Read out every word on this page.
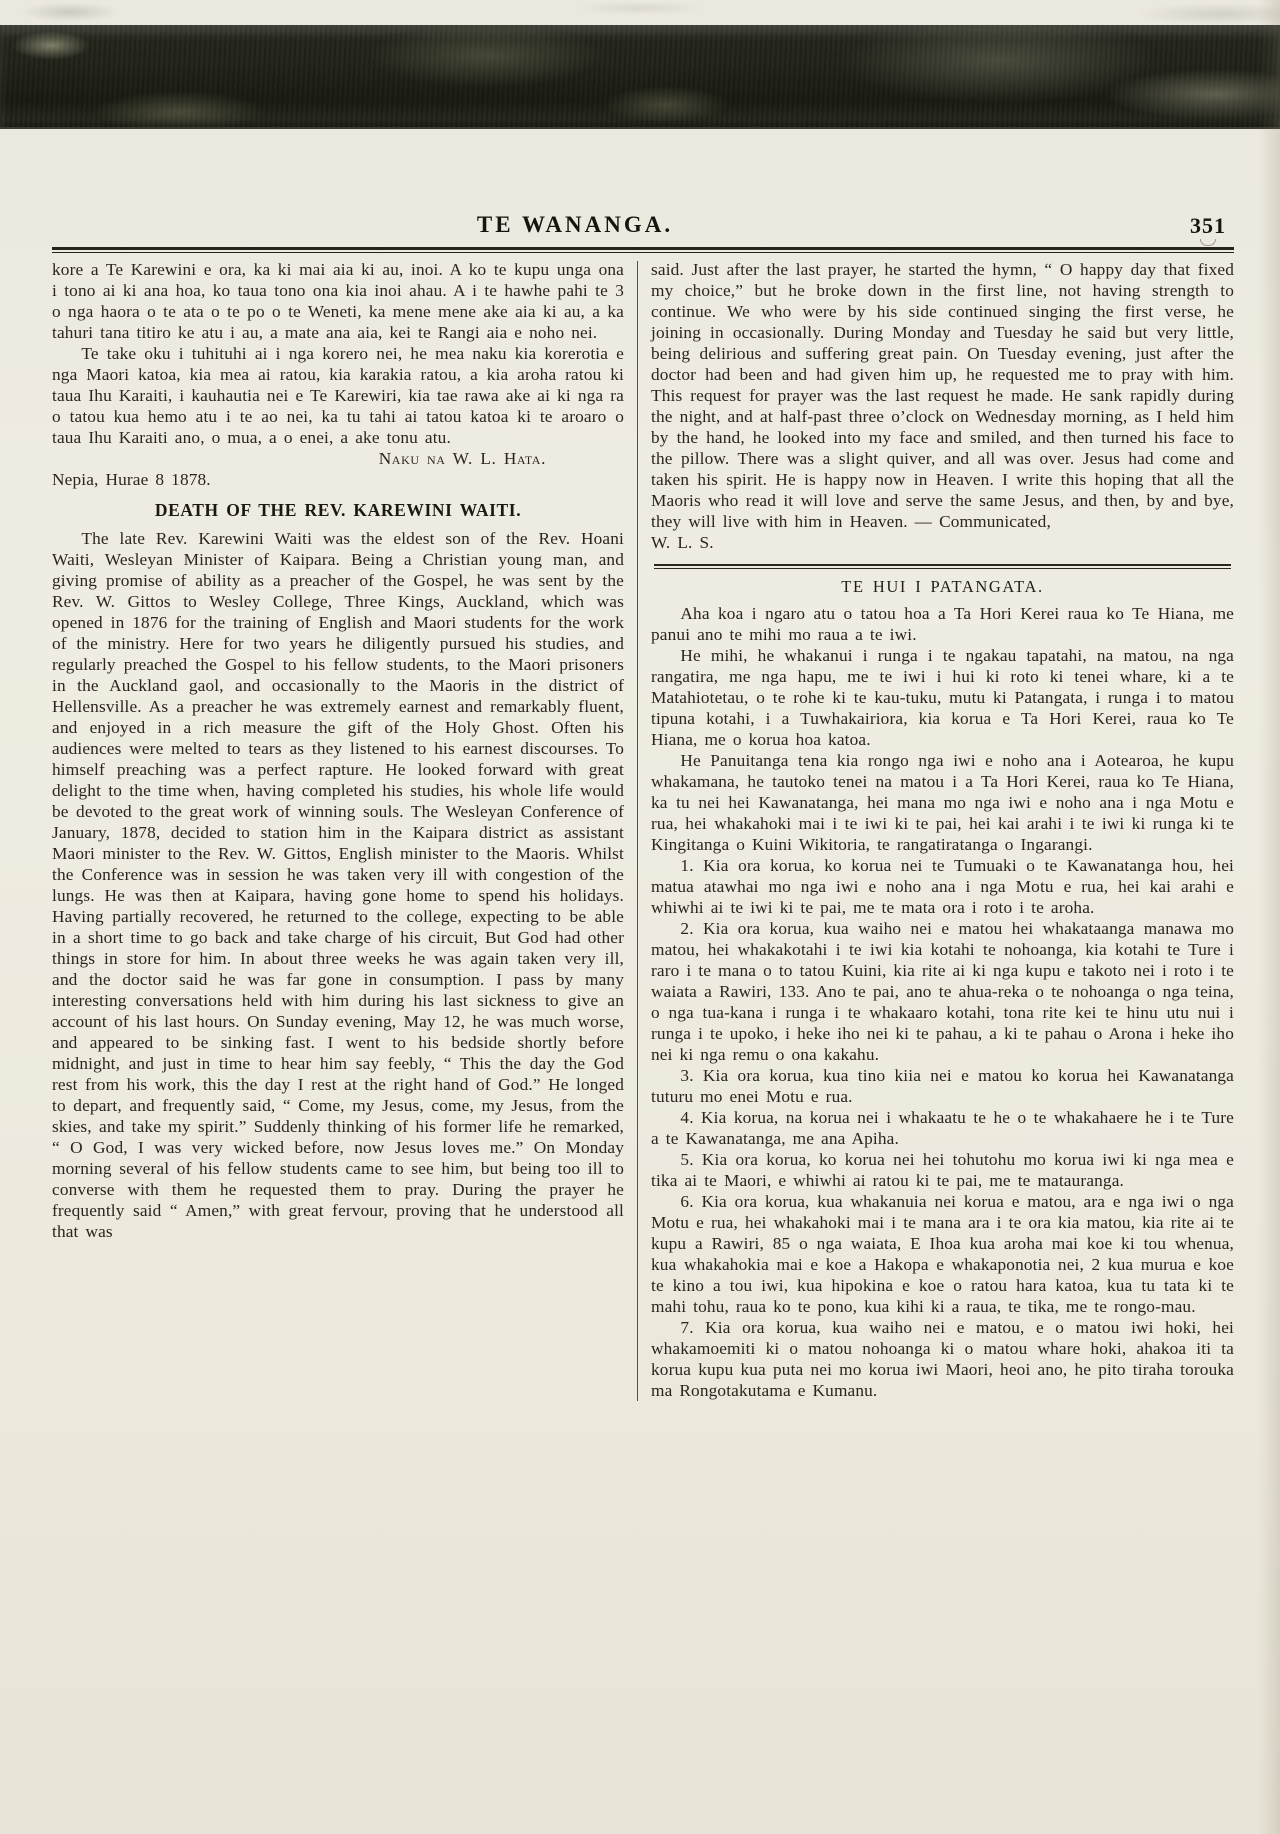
TE WANANGA.	351

kore a Te Karewini e ora, ka ki mai aia ki au, inoi. A ko te kupu unga ona i tono ai ki ana hoa, ko taua tono ona kia inoi ahau. A i te hawhe pahi te 3 o nga haora o te ata o te po o te Weneti, ka mene mene ake aia ki au, a ka tahuri tana titiro ke atu i au, a mate ana aia, kei te Rangi aia e noho nei.

Te take oku i tuhituhi ai i nga korero nei, he mea naku kia korerotia e nga Maori katoa, kia mea ai ratou, kia karakia ratou, a kia aroha ratou ki taua Ihu Karaiti, i kauhautia nei e Te Karewiri, kia tae rawa ake ai ki nga ra o tatou kua hemo atu i te ao nei, ka tu tahi ai tatou katoa ki te aroaro o taua Ihu Karaiti ano, o mua, a o enei, a ake tonu atu.

Naku na W. L. Hata.

Nepia, Hurae 8 1878.

DEATH OF THE REV. KAREWINI WAITI.

The late Rev. Karewini Waiti was the eldest son of the Rev. Hoani Waiti, Wesleyan Minister of Kaipara. Being a Christian young man, and giving promise of ability as a preacher of the Gospel, he was sent by the Rev. W. Gittos to Wesley College, Three Kings, Auckland, which was opened in 1876 for the training of English and Maori students for the work of the ministry. Here for two years he diligently pursued his studies, and regularly preached the Gospel to his fellow students, to the Maori prisoners in the Auckland gaol, and occasionally to the Maoris in the district of Hellensville. As a preacher he was extremely earnest and remarkably fluent, and enjoyed in a rich measure the gift of the Holy Ghost. Often his audiences were melted to tears as they listened to his earnest discourses. To himself preaching was a perfect rapture. He looked forward with great delight to the time when, having completed his studies, his whole life would be devoted to the great work of winning souls. The Wesleyan Conference of January, 1878, decided to station him in the Kaipara district as assistant Maori minister to the Rev. W. Gittos, English minister to the Maoris. Whilst the Conference was in session he was taken very ill with congestion of the lungs. He was then at Kaipara, having gone home to spend his holidays. Having partially recovered, he returned to the college, expecting to be able in a short time to go back and take charge of his circuit, But God had other things in store for him. In about three weeks he was again taken very ill, and the doctor said he was far gone in consumption. I pass by many interesting conversations held with him during his last sickness to give an account of his last hours. On Sunday evening, May 12, he was much worse, and appeared to be sinking fast. I went to his bedside shortly before midnight, and just in time to hear him say feebly, “ This the day the God rest from his work, this the day I rest at the right hand of God.” He longed to depart, and frequently said, “ Come, my Jesus, come, my Jesus, from the skies, and take my spirit.” Suddenly thinking of his former life he remarked, “ O God, I was very wicked before, now Jesus loves me.” On Monday morning several of his fellow students came to see him, but being too ill to converse with them he requested them to pray. During the prayer he frequently said “ Amen,” with great fervour, proving that he understood all that was

said. Just after the last prayer, he started the hymn, “ O happy day that fixed my choice,” but he broke down in the first line, not having strength to continue. We who were by his side continued singing the first verse, he joining in occasionally. During Monday and Tuesday he said but very little, being delirious and suffering great pain. On Tuesday evening, just after the doctor had been and had given him up, he requested me to pray with him. This request for prayer was the last request he made. He sank rapidly during the night, and at half-past three o’clock on Wednesday morning, as I held him by the hand, he looked into my face and smiled, and then turned his face to the pillow. There was a slight quiver, and all was over. Jesus had come and taken his spirit. He is happy now in Heaven. I write this hoping that all the Maoris who read it will love and serve the same Jesus, and then, by and bye, they will live with him in Heaven. — Communicated,

W. L. S.

TE HUI I PATANGATA.

Aha koa i ngaro atu o tatou hoa a Ta Hori Kerei raua ko Te Hiana, me panui ano te mihi mo raua a te iwi.

He mihi, he whakanui i runga i te ngakau tapatahi, na matou, na nga rangatira, me nga hapu, me te iwi i hui ki roto ki tenei whare, ki a te Matahiotetau, o te rohe ki te kau-tuku, mutu ki Patangata, i runga i to matou tipuna kotahi, i a Tuwhakairiora, kia korua e Ta Hori Kerei, raua ko Te Hiana, me o korua hoa katoa.

He Panuitanga tena kia rongo nga iwi e noho ana i Aotearoa, he kupu whakamana, he tautoko tenei na matou i a Ta Hori Kerei, raua ko Te Hiana, ka tu nei hei Kawanatanga, hei mana mo nga iwi e noho ana i nga Motu e rua, hei whakahoki mai i te iwi ki te pai, hei kai arahi i te iwi ki runga ki te Kingitanga o Kuini Wikitoria, te rangatiratanga o Ingarangi.

1. Kia ora korua, ko korua nei te Tumuaki o te Kawanatanga hou, hei matua atawhai mo nga iwi e noho ana i nga Motu e rua, hei kai arahi e whiwhi ai te iwi ki te pai, me te mata ora i roto i te aroha.

2. Kia ora korua, kua waiho nei e matou hei whakataanga manawa mo matou, hei whakakotahi i te iwi kia kotahi te nohoanga, kia kotahi te Ture i raro i te mana o to tatou Kuini, kia rite ai ki nga kupu e takoto nei i roto i te waiata a Rawiri, 133. Ano te pai, ano te ahua-reka o te nohoanga o nga teina, o nga tua-kana i runga i te whakaaro kotahi, tona rite kei te hinu utu nui i runga i te upoko, i heke iho nei ki te pahau, a ki te pahau o Arona i heke iho nei ki nga remu o ona kakahu.

3. Kia ora korua, kua tino kiia nei e matou ko korua hei Kawanatanga tuturu mo enei Motu e rua.

4. Kia korua, na korua nei i whakaatu te he o te whakahaere he i te Ture a te Kawanatanga, me ana Apiha.

5. Kia ora korua, ko korua nei hei tohutohu mo korua iwi ki nga mea e tika ai te Maori, e whiwhi ai ratou ki te pai, me te matauranga.

6. Kia ora korua, kua whakanuia nei korua e matou, ara e nga iwi o nga Motu e rua, hei whakahoki mai i te mana ara i te ora kia matou, kia rite ai te kupu a Rawiri, 85 o nga waiata, E Ihoa kua aroha mai koe ki tou whenua, kua whakahokia mai e koe a Hakopa e whakaponotia nei, 2 kua murua e koe te kino a tou iwi, kua hipokina e koe o ratou hara katoa, kua tu tata ki te mahi tohu, raua ko te pono, kua kihi ki a raua, te tika, me te rongo-mau.

7. Kia ora korua, kua waiho nei e matou, e o matou iwi hoki, hei whakamoemiti ki o matou nohoanga ki o matou whare hoki, ahakoa iti ta korua kupu kua puta nei mo korua iwi Maori, heoi ano, he pito tiraha torouka ma Rongotakutama e Kumanu.
